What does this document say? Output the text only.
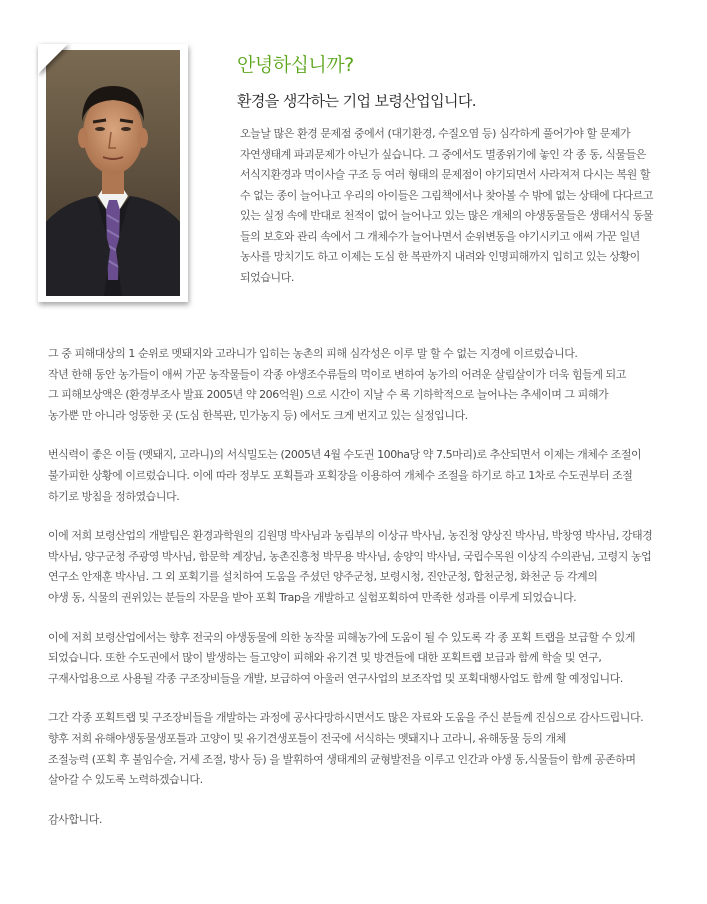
안녕하십니까?
환경을 생각하는 기업 보령산업입니다.

오늘날 많은 환경 문제점 중에서 (대기환경, 수질오염 등) 심각하게 풀어가야 할 문제가
자연생태계 파괴문제가 아닌가 싶습니다. 그 중에서도 멸종위기에 놓인 각 종 동, 식물들은
서식지환경과 먹이사슬 구조 등 여러 형태의 문제점이 야기되면서 사라져져 다시는 복원 할
수 없는 종이 늘어나고 우리의 아이들은 그림책에서나 찾아볼 수 밖에 없는 상태에 다다르고
있는 실정 속에 반대로 천적이 없어 늘어나고 있는 많은 개체의 야생동물들은 생태서식 동물
들의 보호와 관리 속에서 그 개체수가 늘어나면서 순위변동을 야기시키고 애써 가꾼 일년
농사를 망치기도 하고 이제는 도심 한 복판까지 내려와 인명피해까지 입히고 있는 상황이
되었습니다.

그 중 피해대상의 1 순위로 멧돼지와 고라니가 입히는 농촌의 피해 심각성은 이루 말 할 수 없는 지경에 이르렀습니다.
작년 한해 동안 농가들이 애써 가꾼 농작물들이 각종 야생조수류들의 먹이로 변하여 농가의 어려운 살림살이가 더욱 힘들게 되고
그 피해보상액은 (환경부조사 발표 2005년 약 206억원) 으로 시간이 지날 수 록 기하학적으로 늘어나는 추세이며 그 피해가
농가뿐 만 아니라 엉뚱한 곳 (도심 한복판, 민가농지 등) 에서도 크게 번지고 있는 실정입니다.

번식력이 좋은 이들 (멧돼지, 고라니)의 서식밀도는 (2005년 4월 수도권 100ha당 약 7.5마리)로 추산되면서 이제는 개체수 조절이
불가피한 상황에 이르렀습니다. 이에 따라 정부도 포획틀과 포획장을 이용하여 개체수 조절을 하기로 하고 1차로 수도권부터 조절
하기로 방침을 정하였습니다.

이에 저희 보령산업의 개발팀은 환경과학원의 김원명 박사님과 농림부의 이상규 박사님, 농진청 양상진 박사님, 박창영 박사님, 강태경
박사님, 양구군청 주광영 박사님, 함문학 계장님, 농촌진흥청 박무용 박사님, 송양익 박사님, 국립수목원 이상직 수의관님, 고령지 농업
연구소 안재훈 박사님. 그 외 포획기를 설치하여 도움을 주셨던 양주군청, 보령시청, 진안군청, 합천군청, 화천군 등 각계의
야생 동, 식물의 권위있는 분들의 자문을 받아 포획 Trap을 개발하고 실험포획하여 만족한 성과를 이루게 되었습니다.

이에 저희 보령산업에서는 향후 전국의 야생동물에 의한 농작물 피해농가에 도움이 될 수 있도록 각 종 포획 트랩을 보급할 수 있게
되었습니다. 또한 수도권에서 많이 발생하는 들고양이 피해와 유기견 및 방견들에 대한 포획트랩 보급과 함께 학술 및 연구,
구재사업용으로 사용될 각종 구조장비들을 개발, 보급하여 아울러 연구사업의 보조작업 및 포획대행사업도 함께 할 예정입니다.

그간 각종 포획트랩 및 구조장비들을 개발하는 과정에 공사다망하시면서도 많은 자료와 도움을 주신 분들께 진심으로 감사드립니다.
향후 저희 유해야생동물생포틀과 고양이 및 유기견생포틀이 전국에 서식하는 멧돼지나 고라니, 유해동물 등의 개체
조절능력 (포획 후 불임수술, 거세 조절, 방사 등) 을 발휘하여 생태계의 균형발전을 이루고 인간과 야생 동,식물들이 함께 공존하며
살아갈 수 있도록 노력하겠습니다.

감사합니다.
